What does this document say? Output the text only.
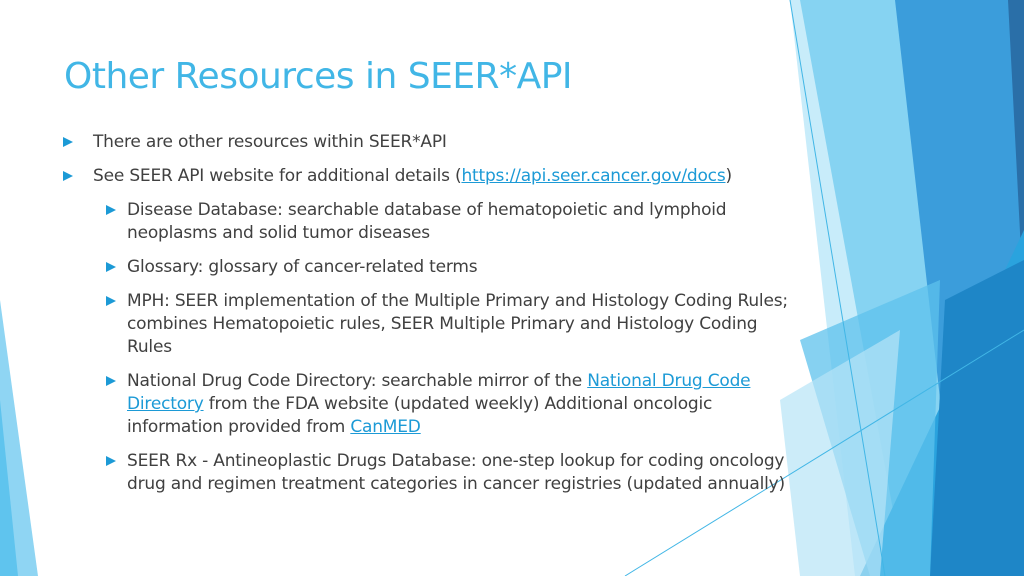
Other Resources in SEER*API
There are other resources within SEER*API
See SEER API website for additional details (https://api.seer.cancer.gov/docs)
Disease Database: searchable database of hematopoietic and lymphoid neoplasms and solid tumor diseases
Glossary: glossary of cancer-related terms
MPH: SEER implementation of the Multiple Primary and Histology Coding Rules; combines Hematopoietic rules, SEER Multiple Primary and Histology Coding Rules
National Drug Code Directory: searchable mirror of the National Drug Code Directory from the FDA website (updated weekly) Additional oncologic information provided from CanMED
SEER Rx - Antineoplastic Drugs Database: one-step lookup for coding oncology drug and regimen treatment categories in cancer registries (updated annually)
